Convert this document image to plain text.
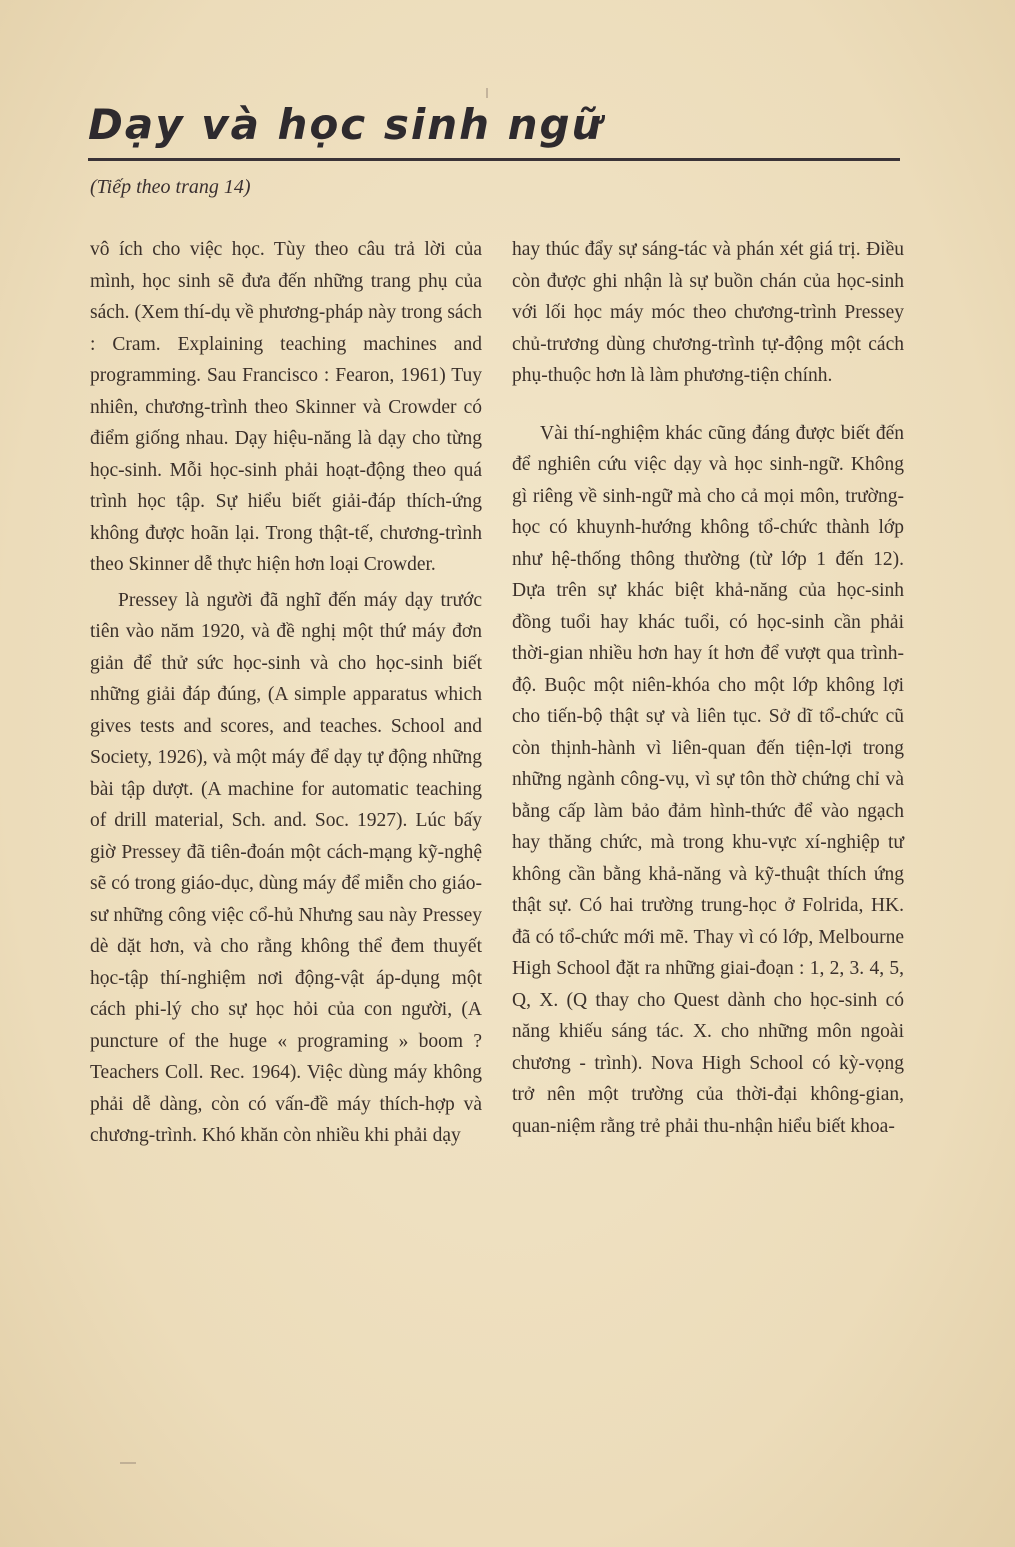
Dạy và học sinh ngữ

(Tiếp theo trang 14)

vô ích cho việc học. Tùy theo câu trả lời của mình, học sinh sẽ đưa đến những trang phụ của sách. (Xem thí-dụ về phương-pháp này trong sách : Cram. Explaining teaching machines and programming. Sau Francisco : Fearon, 1961) Tuy nhiên, chương-trình theo Skinner và Crowder có điểm giống nhau. Dạy hiệu-năng là dạy cho từng học-sinh. Mỗi học-sinh phải hoạt-động theo quá trình học tập. Sự hiểu biết giải-đáp thích-ứng không được hoãn lại. Trong thật-tế, chương-trình theo Skinner dễ thực hiện hơn loại Crowder.

Pressey là người đã nghĩ đến máy dạy trước tiên vào năm 1920, và đề nghị một thứ máy đơn giản để thử sức học-sinh và cho học-sinh biết những giải đáp đúng, (A simple apparatus which gives tests and scores, and teaches. School and Society, 1926), và một máy để dạy tự động những bài tập dượt. (A machine for automatic teaching of drill material, Sch. and. Soc. 1927). Lúc bấy giờ Pressey đã tiên-đoán một cách-mạng kỹ-nghệ sẽ có trong giáo-dục, dùng máy để miễn cho giáo-sư những công việc cổ-hủ Nhưng sau này Pressey dè dặt hơn, và cho rằng không thể đem thuyết học-tập thí-nghiệm nơi động-vật áp-dụng một cách phi-lý cho sự học hỏi của con người, (A puncture of the huge « programing » boom ? Teachers Coll. Rec. 1964). Việc dùng máy không phải dễ dàng, còn có vấn-đề máy thích-hợp và chương-trình. Khó khăn còn nhiều khi phải dạy

hay thúc đẩy sự sáng-tác và phán xét giá trị. Điều còn được ghi nhận là sự buồn chán của học-sinh với lối học máy móc theo chương-trình Pressey chủ-trương dùng chương-trình tự-động một cách phụ-thuộc hơn là làm phương-tiện chính.

Vài thí-nghiệm khác cũng đáng được biết đến để nghiên cứu việc dạy và học sinh-ngữ. Không gì riêng về sinh-ngữ mà cho cả mọi môn, trường-học có khuynh-hướng không tổ-chức thành lớp như hệ-thống thông thường (từ lớp 1 đến 12). Dựa trên sự khác biệt khả-năng của học-sinh đồng tuổi hay khác tuổi, có học-sinh cần phải thời-gian nhiều hơn hay ít hơn để vượt qua trình-độ. Buộc một niên-khóa cho một lớp không lợi cho tiến-bộ thật sự và liên tục. Sở dĩ tổ-chức cũ còn thịnh-hành vì liên-quan đến tiện-lợi trong những ngành công-vụ, vì sự tôn thờ chứng chỉ và bằng cấp làm bảo đảm hình-thức để vào ngạch hay thăng chức, mà trong khu-vực xí-nghiệp tư không cần bằng khả-năng và kỹ-thuật thích ứng thật sự. Có hai trường trung-học ở Folrida, HK. đã có tổ-chức mới mẽ. Thay vì có lớp, Melbourne High School đặt ra những giai-đoạn : 1, 2, 3. 4, 5, Q, X. (Q thay cho Quest dành cho học-sinh có năng khiếu sáng tác. X. cho những môn ngoài chương - trình). Nova High School có kỳ-vọng trở nên một trường của thời-đại không-gian, quan-niệm rằng trẻ phải thu-nhận hiểu biết khoa-
